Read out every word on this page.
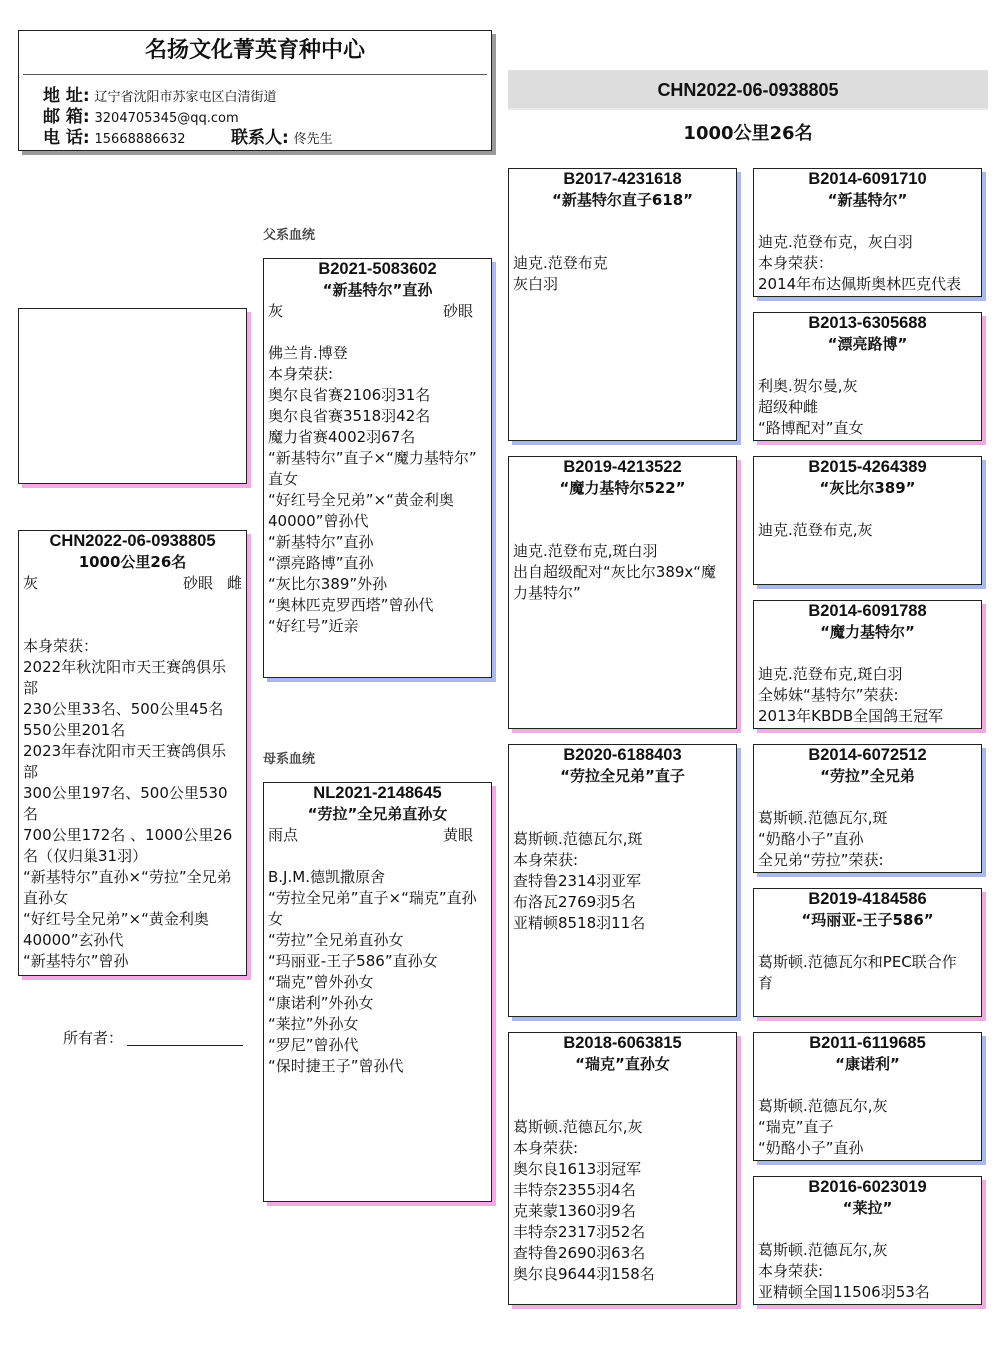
名扬文化菁英育种中心
地 址: 辽宁省沈阳市苏家屯区白清街道
邮 箱: 3204705345@qq.com
电 话: 15668886632	联系人: 佟先生
CHN2022-06-0938805
1000公里26名
CHN2022-06-0938805
1000公里26名
灰	砂眼 雌
本身荣获：
2022年秋沈阳市天王赛鸽俱乐
部
230公里33名、500公里45名
550公里201名
2023年春沈阳市天王赛鸽俱乐
部
300公里197名、500公里530名
700公里172名 、1000公里26
名（仅归巢31羽）
“新基特尔”直孙×“劳拉”全兄弟
直孙女
“好红号全兄弟”×“黄金利奥
40000”玄孙代
“新基特尔”曾孙
所有者：
父系血统
母系血统
B2021-5083602
“新基特尔”直孙
灰	砂眼

佛兰肯.博登
本身荣获:
奥尔良省赛2106羽31名
奥尔良省赛3518羽42名
魔力省赛4002羽67名
“新基特尔”直子×“魔力基特尔”
直女
“好红号全兄弟”×“黄金利奥
40000”曾孙代
“新基特尔”直孙
“漂亮路博”直孙
“灰比尔389”外孙
“奥林匹克罗西塔”曾孙代
“好红号”近亲
NL2021-2148645
“劳拉”全兄弟直孙女
雨点	黄眼

B.J.M.德凯撒原舍
“劳拉全兄弟”直子×“瑞克”直孙
女
“劳拉”全兄弟直孙女
“玛丽亚-王子586”直孙女
“瑞克”曾外孙女
“康诺利”外孙女
“莱拉”外孙女
“罗尼”曾孙代
“保时捷王子”曾孙代
B2017-4231618
“新基特尔直子618”

迪克.范登布克
灰白羽
B2019-4213522
“魔力基特尔522”

迪克.范登布克,斑白羽
出自超级配对“灰比尔389x“魔
力基特尔”
B2020-6188403
“劳拉全兄弟”直子

葛斯顿.范德瓦尔,斑
本身荣获:
查特鲁2314羽亚军
布洛瓦2769羽5名
亚精顿8518羽11名
B2018-6063815
“瑞克”直孙女

葛斯顿.范德瓦尔,灰
本身荣获:
奥尔良1613羽冠军
丰特奈2355羽4名
克莱蒙1360羽9名
丰特奈2317羽52名
查特鲁2690羽63名
奥尔良9644羽158名
B2014-6091710
“新基特尔”

迪克.范登布克，灰白羽
本身荣获：
2014年布达佩斯奥林匹克代表
B2013-6305688
“漂亮路博”

利奥.贺尔曼,灰
超级种雌
“路博配对”直女
B2015-4264389
“灰比尔389”

迪克.范登布克,灰
B2014-6091788
“魔力基特尔”

迪克.范登布克,斑白羽
全姊妹“基特尔”荣获:
2013年KBDB全国鸽王冠军
B2014-6072512
“劳拉”全兄弟

葛斯顿.范德瓦尔,斑
“奶酪小子”直孙
全兄弟“劳拉”荣获:
B2019-4184586
“玛丽亚-王子586”

葛斯顿.范德瓦尔和PEC联合作
育
B2011-6119685
“康诺利”

葛斯顿.范德瓦尔,灰
“瑞克”直子
“奶酪小子”直孙
B2016-6023019
“莱拉”

葛斯顿.范德瓦尔,灰
本身荣获:
亚精顿全国11506羽53名
